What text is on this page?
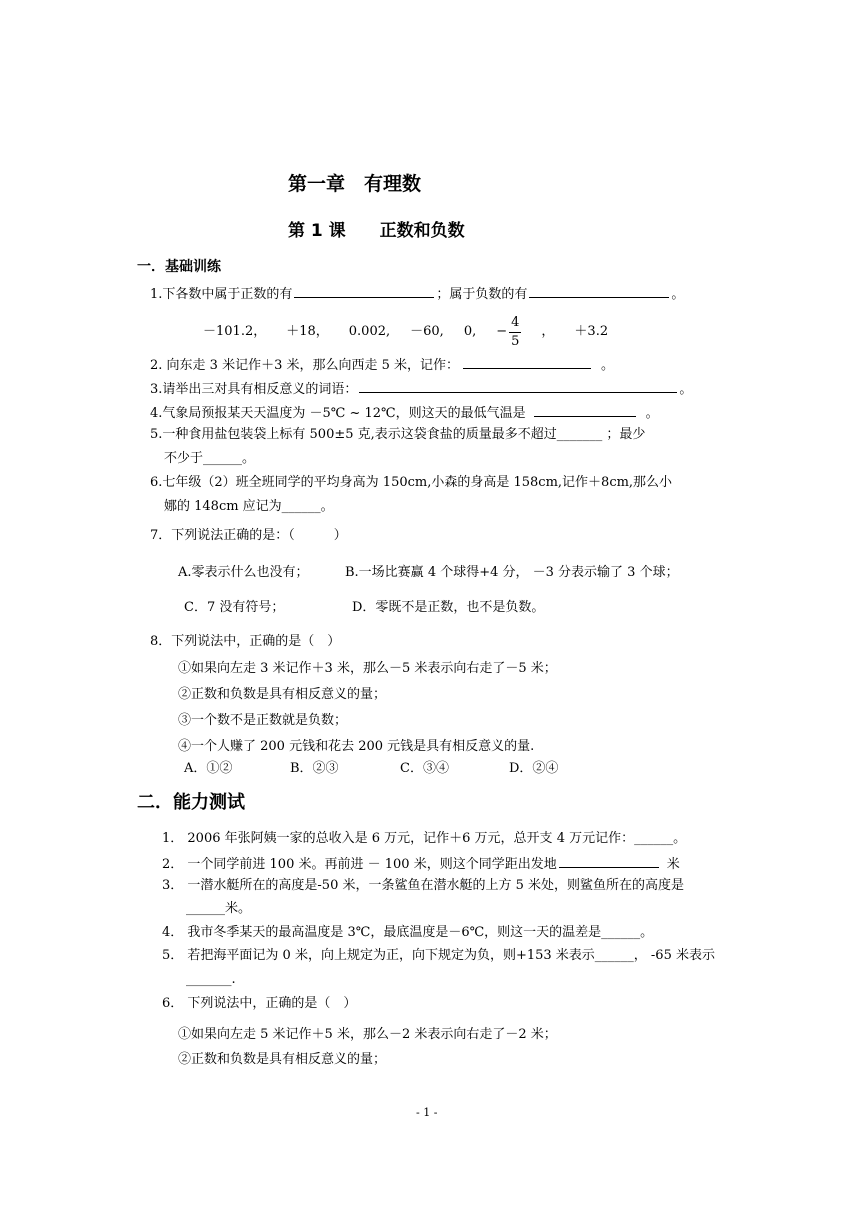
第一章　有理数
第 1 课　　正数和负数
一．基础训练
1.下各数中属于正数的有	；属于负数的有	。
－101.2， ＋18， 0.002, －60, 0, − $\frac{4}{5}$ ， ＋3.2
2. 向东走 3 米记作＋3 米，那么向西走 5 米，记作：	。
3.请举出三对具有相反意义的词语：	。
4.气象局预报某天天温度为 －5℃ ~ 12℃，则这天的最低气温是	。
5.一种食用盐包装袋上标有 500±5 克,表示这袋食盐的质量最多不超过_______ ；最少
不少于______。
6.七年级（2）班全班同学的平均身高为 150cm,小森的身高是 158cm,记作＋8cm,那么小
娜的 148cm 应记为______。
7．下列说法正确的是：（　　　）
A.零表示什么也没有；	B.一场比赛赢 4 个球得+4 分， －3 分表示输了 3 个球；
C．7 没有符号；	D．零既不是正数，也不是负数。
8．下列说法中，正确的是（　）
①如果向左走 3 米记作＋3 米，那么－5 米表示向右走了－5 米；
②正数和负数是具有相反意义的量；
③一个数不是正数就是负数；
④一个人赚了 200 元钱和花去 200 元钱是具有相反意义的量.
A．①②	B．②③	C．③④	D．②④
二．能力测试
1． 2006 年张阿姨一家的总收入是 6 万元，记作＋6 万元，总开支 4 万元记作：______。
2． 一个同学前进 100 米。再前进 － 100 米，则这个同学距出发地	米
3． 一潜水艇所在的高度是-50 米，一条鲨鱼在潜水艇的上方 5 米处，则鲨鱼所在的高度是
______米。
4． 我市冬季某天的最高温度是 3℃，最底温度是－6℃，则这一天的温差是______。
5． 若把海平面记为 0 米，向上规定为正，向下规定为负，则+153 米表示______， -65 米表示
_______.
6． 下列说法中，正确的是（　）
①如果向左走 5 米记作＋5 米，那么－2 米表示向右走了－2 米；
②正数和负数是具有相反意义的量；
- 1 -
